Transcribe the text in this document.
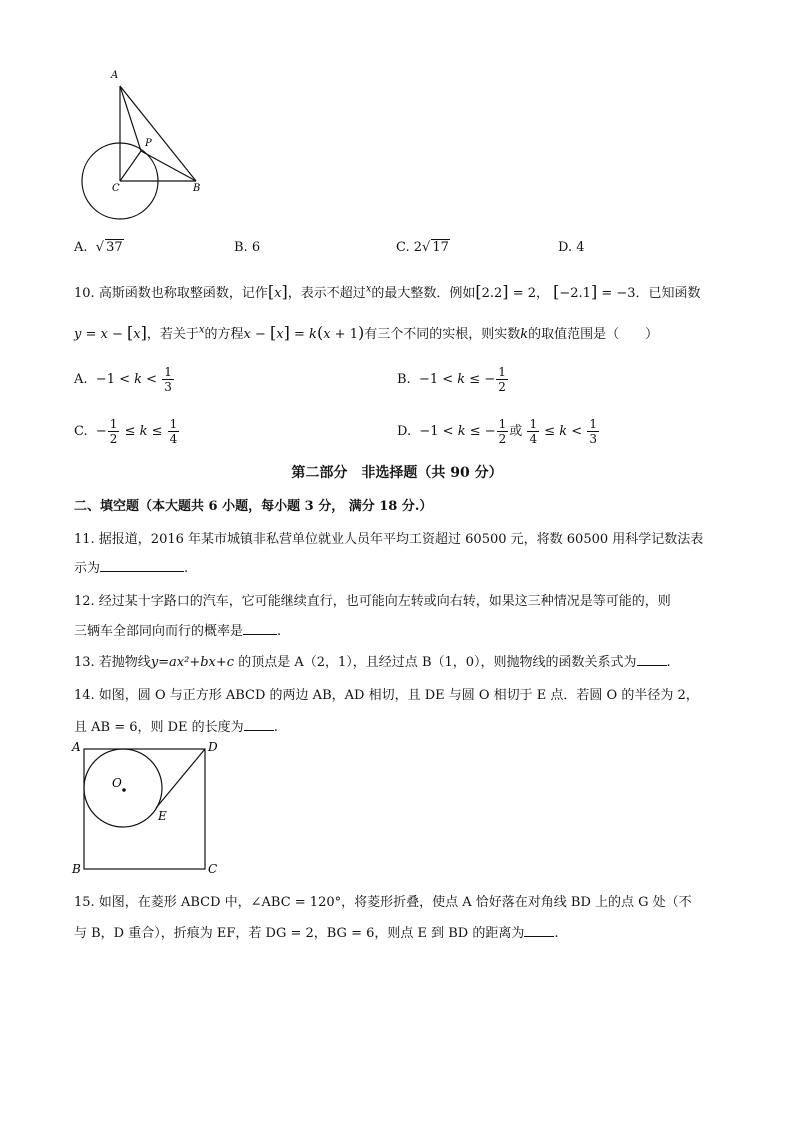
A
P
C	B
A. √ 37	B. 6	C. 2√ 17	D. 4
10. 高斯函数也称取整函数，记作[x]，表示不超过$^x$的最大整数．例如[2.2] = 2， [−2.1] = −3．已知函数
y = x − [x]，若关于$^x$的方程x − [x] = k(x + 1)有三个不同的实根，则实数k的取值范围是（　　）
A.  $-1 < k < \frac{1}{3}$	B.  −1 < k ≤ − $\frac{1}{2}$
C.  − $\frac{1}{2} \le k \le \frac{1}{4}$	D.  −1 < k ≤ − $\frac{1}{2}$ 或 $\frac{1}{4} \le k < \frac{1}{3}$
第二部分　非选择题（共 90 分）
二、填空题（本大题共 6 小题，每小题 3 分， 满分 18 分.）
11. 据报道，2016 年某市城镇非私营单位就业人员年平均工资超过 60500 元，将数 60500 用科学记数法表
示为	.
12. 经过某十字路口的汽车，它可能继续直行，也可能向左转或向右转，如果这三种情况是等可能的，则
三辆车全部同向而行的概率是	.
13. 若抛物线y=ax²+bx+c 的顶点是 A（2，1），且经过点 B（1，0），则抛物线的函数关系式为 .
14. 如图，圆 O 与正方形 ABCD 的两边 AB，AD 相切，且 DE 与圆 O 相切于 E 点．若圆 O 的半径为 2，
且 AB = 6，则 DE 的长度为 .
A	D
O
E
B	C
15. 如图，在菱形 ABCD 中，∠ABC = 120°，将菱形折叠，使点 A 恰好落在对角线 BD 上的点 G 处（不
与 B，D 重合），折痕为 EF，若 DG = 2，BG = 6，则点 E 到 BD 的距离为 .
